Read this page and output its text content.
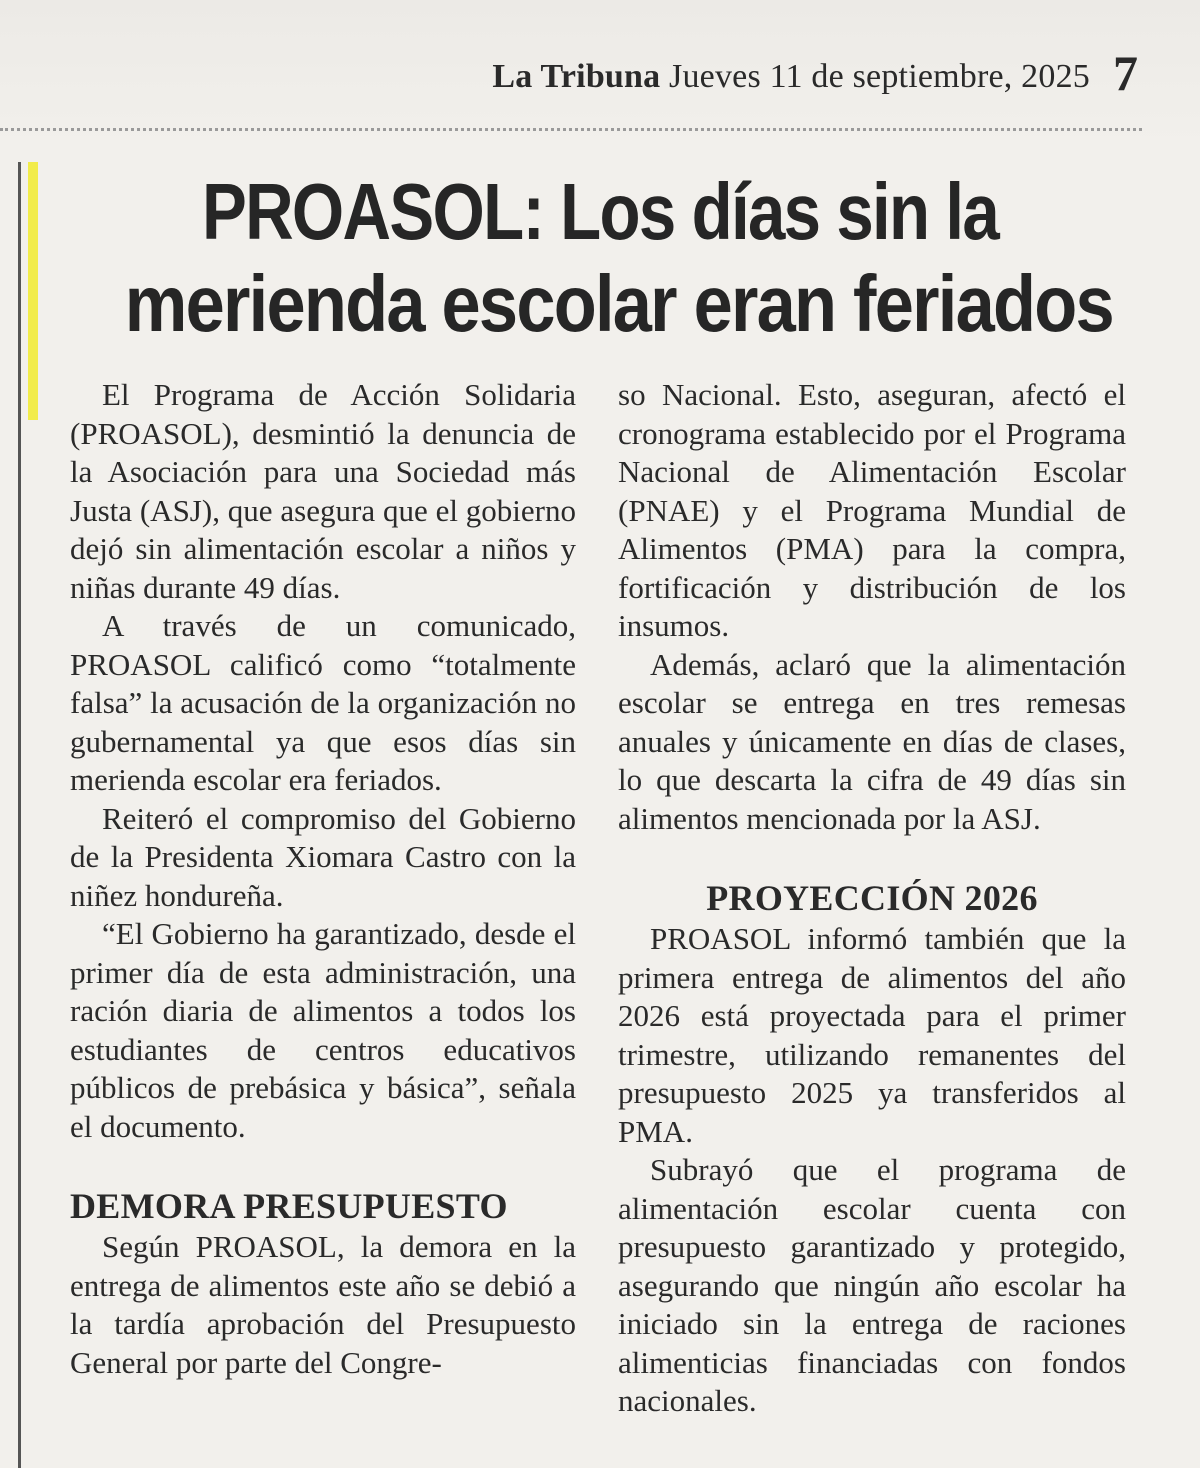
La Tribuna Jueves 11 de septiembre, 2025 7
PROASOL: Los días sin la
merienda escolar eran feriados

El Programa de Acción Solidaria (PROASOL), desmintió la denuncia de la Asociación para una Sociedad más Justa (ASJ), que asegura que el gobierno dejó sin alimentación escolar a niños y niñas durante 49 días.

A través de un comunicado, PROASOL calificó como “totalmente falsa” la acusación de la organización no gubernamental ya que esos días sin merienda escolar era feriados.

Reiteró el compromiso del Gobierno de la Presidenta Xiomara Castro con la niñez hondureña.

“El Gobierno ha garantizado, desde el primer día de esta administración, una ración diaria de alimentos a todos los estudiantes de centros educativos públicos de prebásica y básica”, señala el documento.

DEMORA PRESUPUESTO

Según PROASOL, la demora en la entrega de alimentos este año se debió a la tardía aprobación del Presupuesto General por parte del Congre-

so Nacional. Esto, aseguran, afectó el cronograma establecido por el Programa Nacional de Alimentación Escolar (PNAE) y el Programa Mundial de Alimentos (PMA) para la compra, fortificación y distribución de los insumos.

Además, aclaró que la alimentación escolar se entrega en tres remesas anuales y únicamente en días de clases, lo que descarta la cifra de 49 días sin alimentos mencionada por la ASJ.

PROYECCIÓN 2026

PROASOL informó también que la primera entrega de alimentos del año 2026 está proyectada para el primer trimestre, utilizando remanentes del presupuesto 2025 ya transferidos al PMA.

Subrayó que el programa de alimentación escolar cuenta con presupuesto garantizado y protegido, asegurando que ningún año escolar ha iniciado sin la entrega de raciones alimenticias financiadas con fondos nacionales.
